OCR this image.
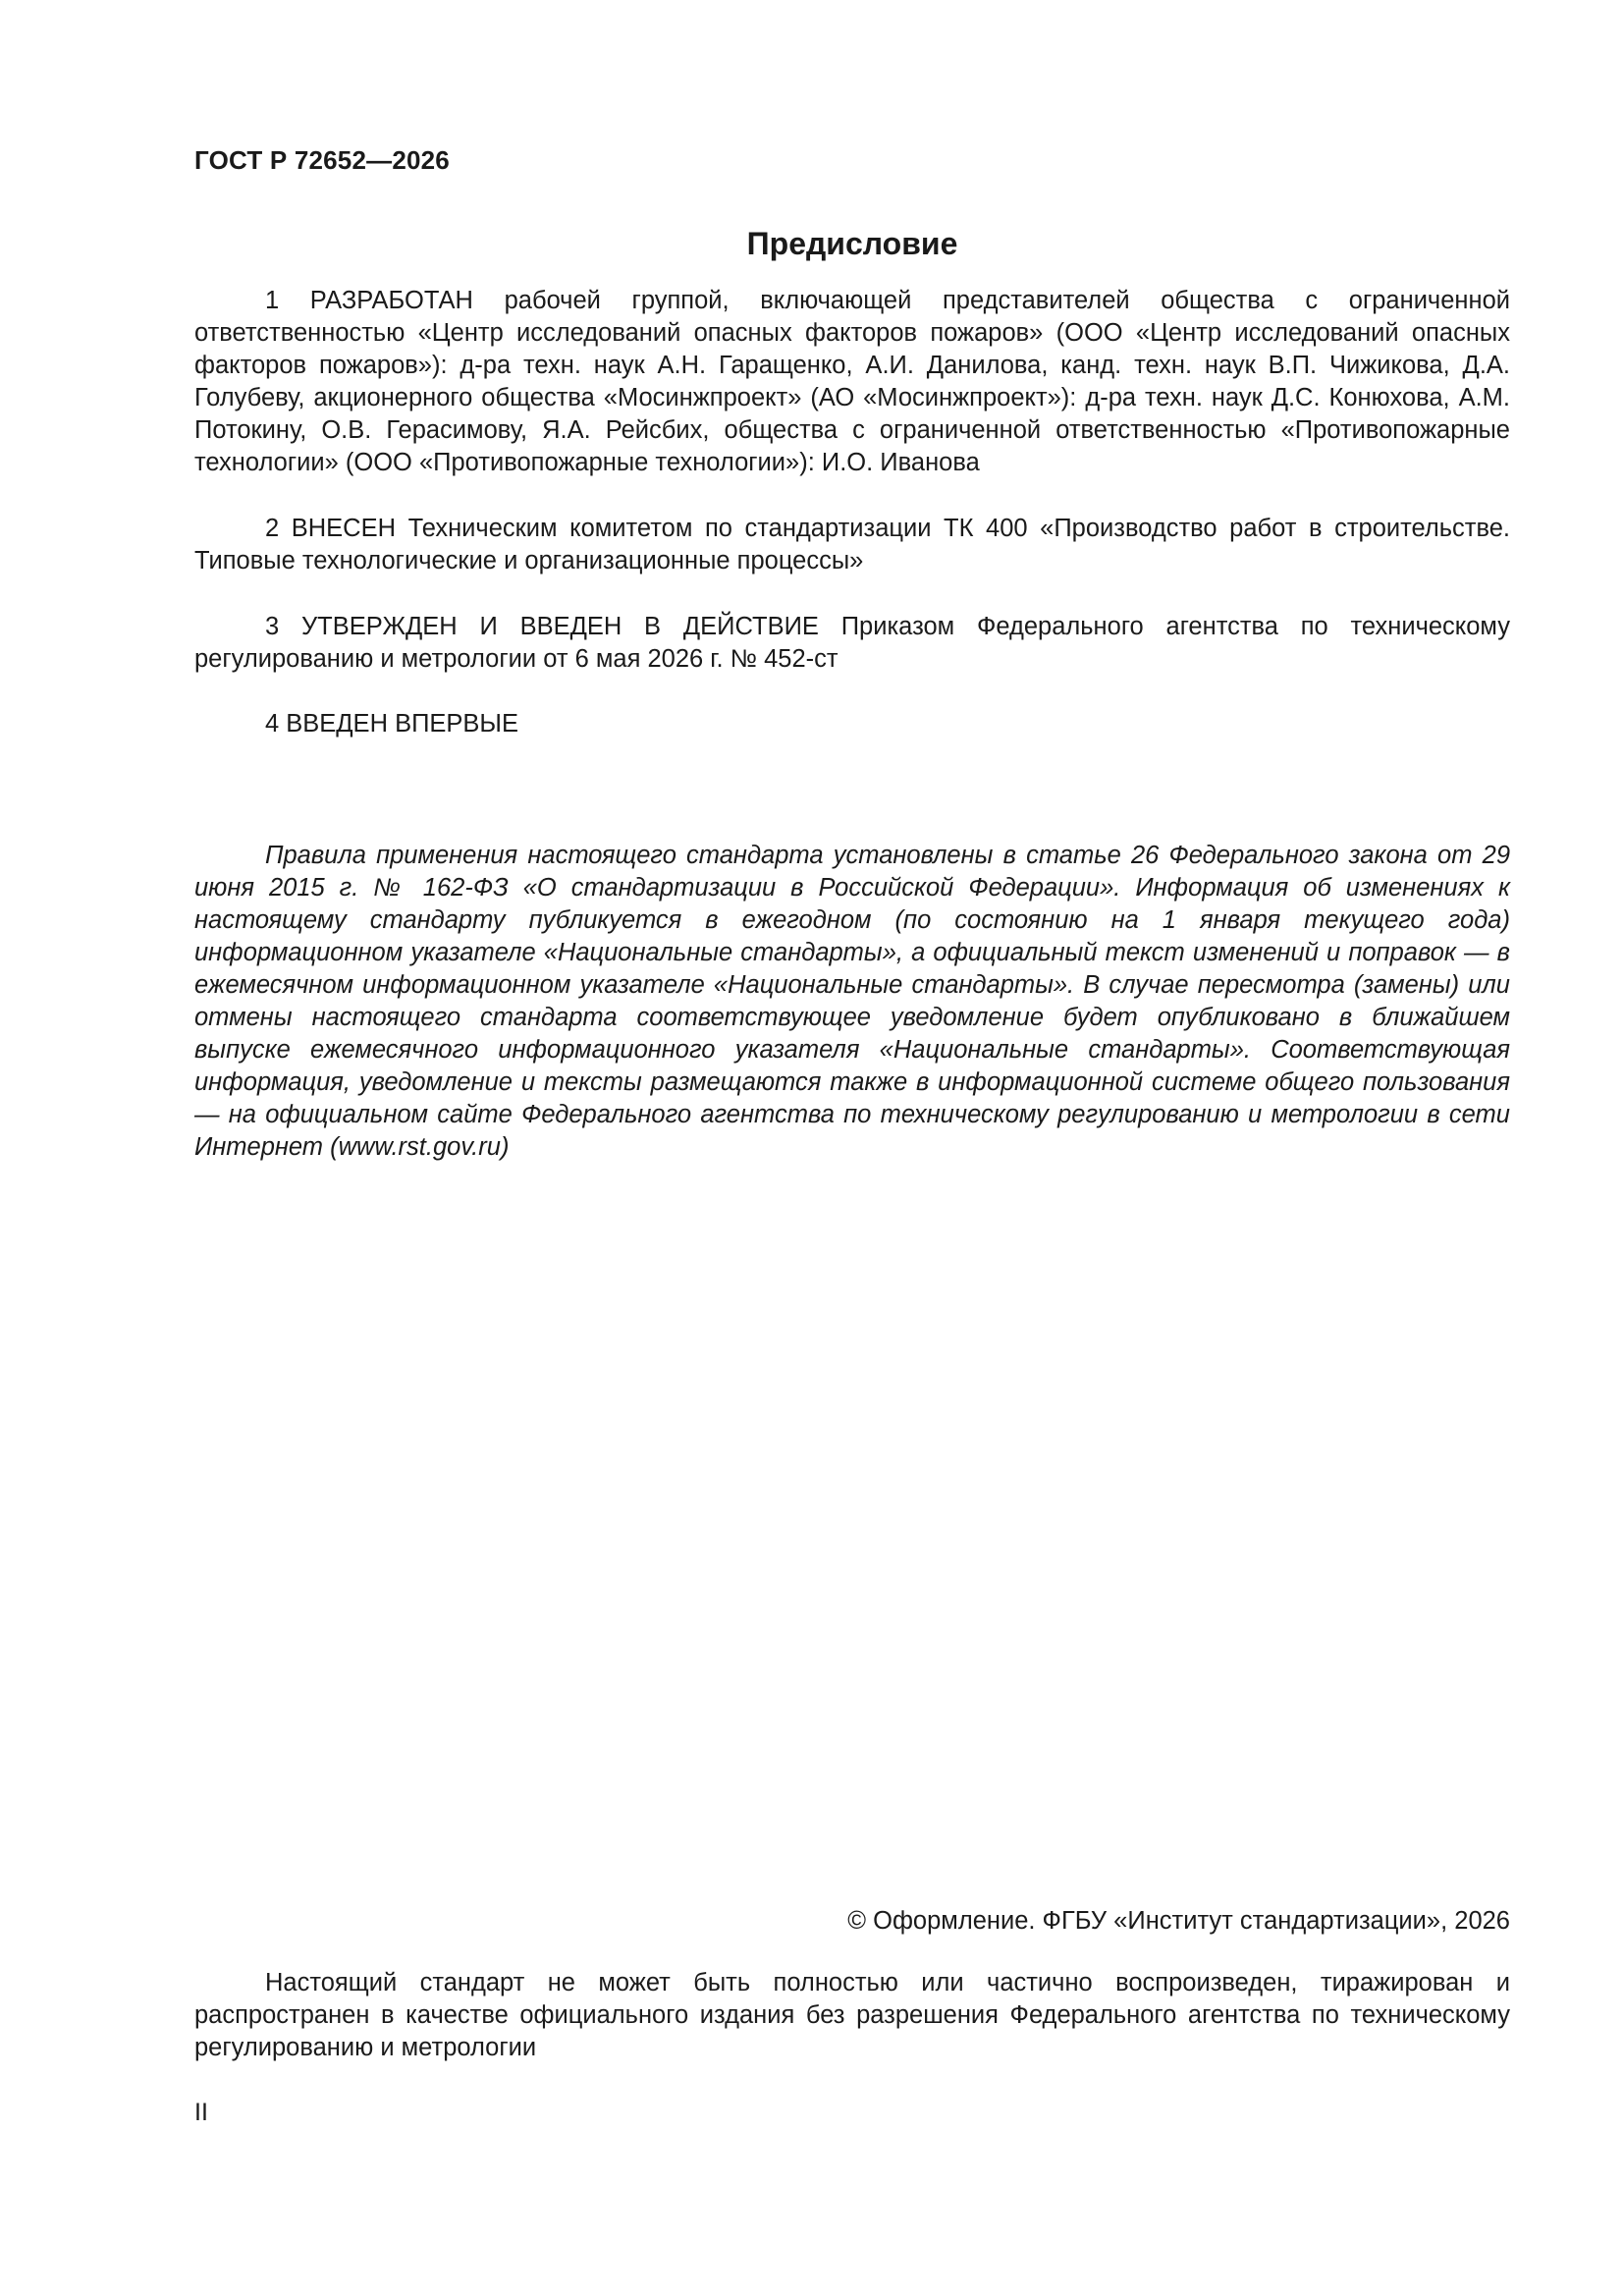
ГОСТ Р 72652—2026
Предисловие

1 РАЗРАБОТАН рабочей группой, включающей представителей общества с ограниченной ответственностью «Центр исследований опасных факторов пожаров» (ООО «Центр исследований опасных факторов пожаров»): д-ра техн. наук А.Н. Гаращенко, А.И. Данилова, канд. техн. наук В.П. Чижикова, Д.А. Голубеву, акционерного общества «Мосинжпроект» (АО «Мосинжпроект»): д-ра техн. наук Д.С. Конюхова, А.М. Потокину, О.В. Герасимову, Я.А. Рейсбих, общества с ограниченной ответственностью «Противопожарные технологии» (ООО «Противопожарные технологии»): И.О. Иванова

2 ВНЕСЕН Техническим комитетом по стандартизации ТК 400 «Производство работ в строительстве. Типовые технологические и организационные процессы»

3 УТВЕРЖДЕН И ВВЕДЕН В ДЕЙСТВИЕ Приказом Федерального агентства по техническому регулированию и метрологии от 6 мая 2026 г. № 452-ст

4 ВВЕДЕН ВПЕРВЫЕ

Правила применения настоящего стандарта установлены в статье 26 Федерального закона от 29 июня 2015 г. № 162-ФЗ «О стандартизации в Российской Федерации». Информация об изменениях к настоящему стандарту публикуется в ежегодном (по состоянию на 1 января текущего года) информационном указателе «Национальные стандарты», а официальный текст изменений и поправок — в ежемесячном информационном указателе «Национальные стандарты». В случае пересмотра (замены) или отмены настоящего стандарта соответствующее уведомление будет опубликовано в ближайшем выпуске ежемесячного информационного указателя «Национальные стандарты». Соответствующая информация, уведомление и тексты размещаются также в информационной системе общего пользования — на официальном сайте Федерального агентства по техническому регулированию и метрологии в сети Интернет (www.rst.gov.ru)

© Оформление. ФГБУ «Институт стандартизации», 2026

Настоящий стандарт не может быть полностью или частично воспроизведен, тиражирован и распространен в качестве официального издания без разрешения Федерального агентства по техническому регулированию и метрологии

II
